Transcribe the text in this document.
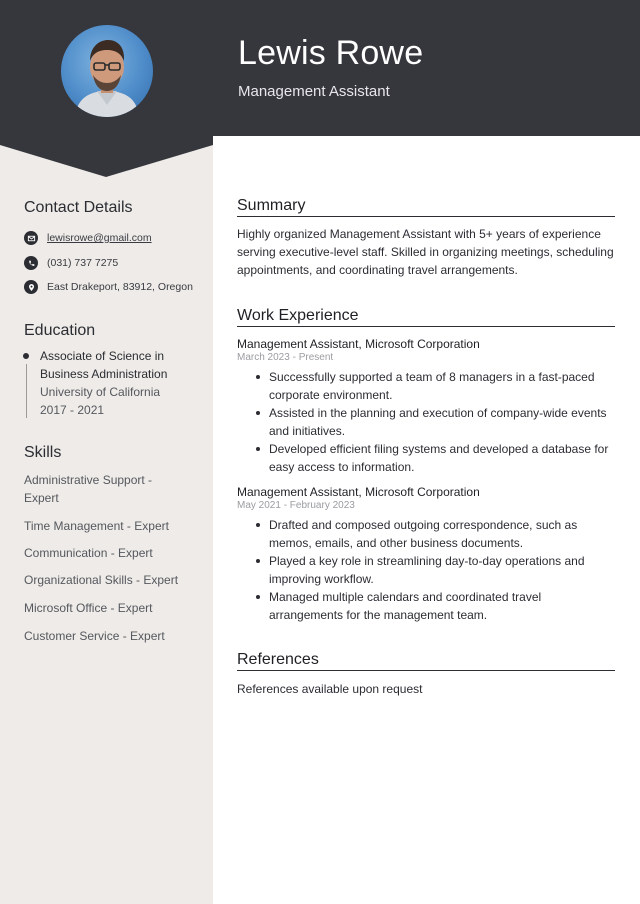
Lewis Rowe
Management Assistant
Contact Details
lewisrowe@gmail.com
(031) 737 7275
East Drakeport, 83912, Oregon
Education
Associate of Science in
Business Administration
University of California
2017 - 2021
Skills
Administrative Support - Expert
Time Management - Expert
Communication - Expert
Organizational Skills - Expert
Microsoft Office - Expert
Customer Service - Expert
Summary
Highly organized Management Assistant with 5+ years of experience serving executive-level staff. Skilled in organizing meetings, scheduling appointments, and coordinating travel arrangements.
Work Experience
Management Assistant, Microsoft Corporation
March 2023 - Present
Successfully supported a team of 8 managers in a fast-paced corporate environment.
Assisted in the planning and execution of company-wide events and initiatives.
Developed efficient filing systems and developed a database for easy access to information.
Management Assistant, Microsoft Corporation
May 2021 - February 2023
Drafted and composed outgoing correspondence, such as memos, emails, and other business documents.
Played a key role in streamlining day-to-day operations and improving workflow.
Managed multiple calendars and coordinated travel arrangements for the management team.
References
References available upon request
